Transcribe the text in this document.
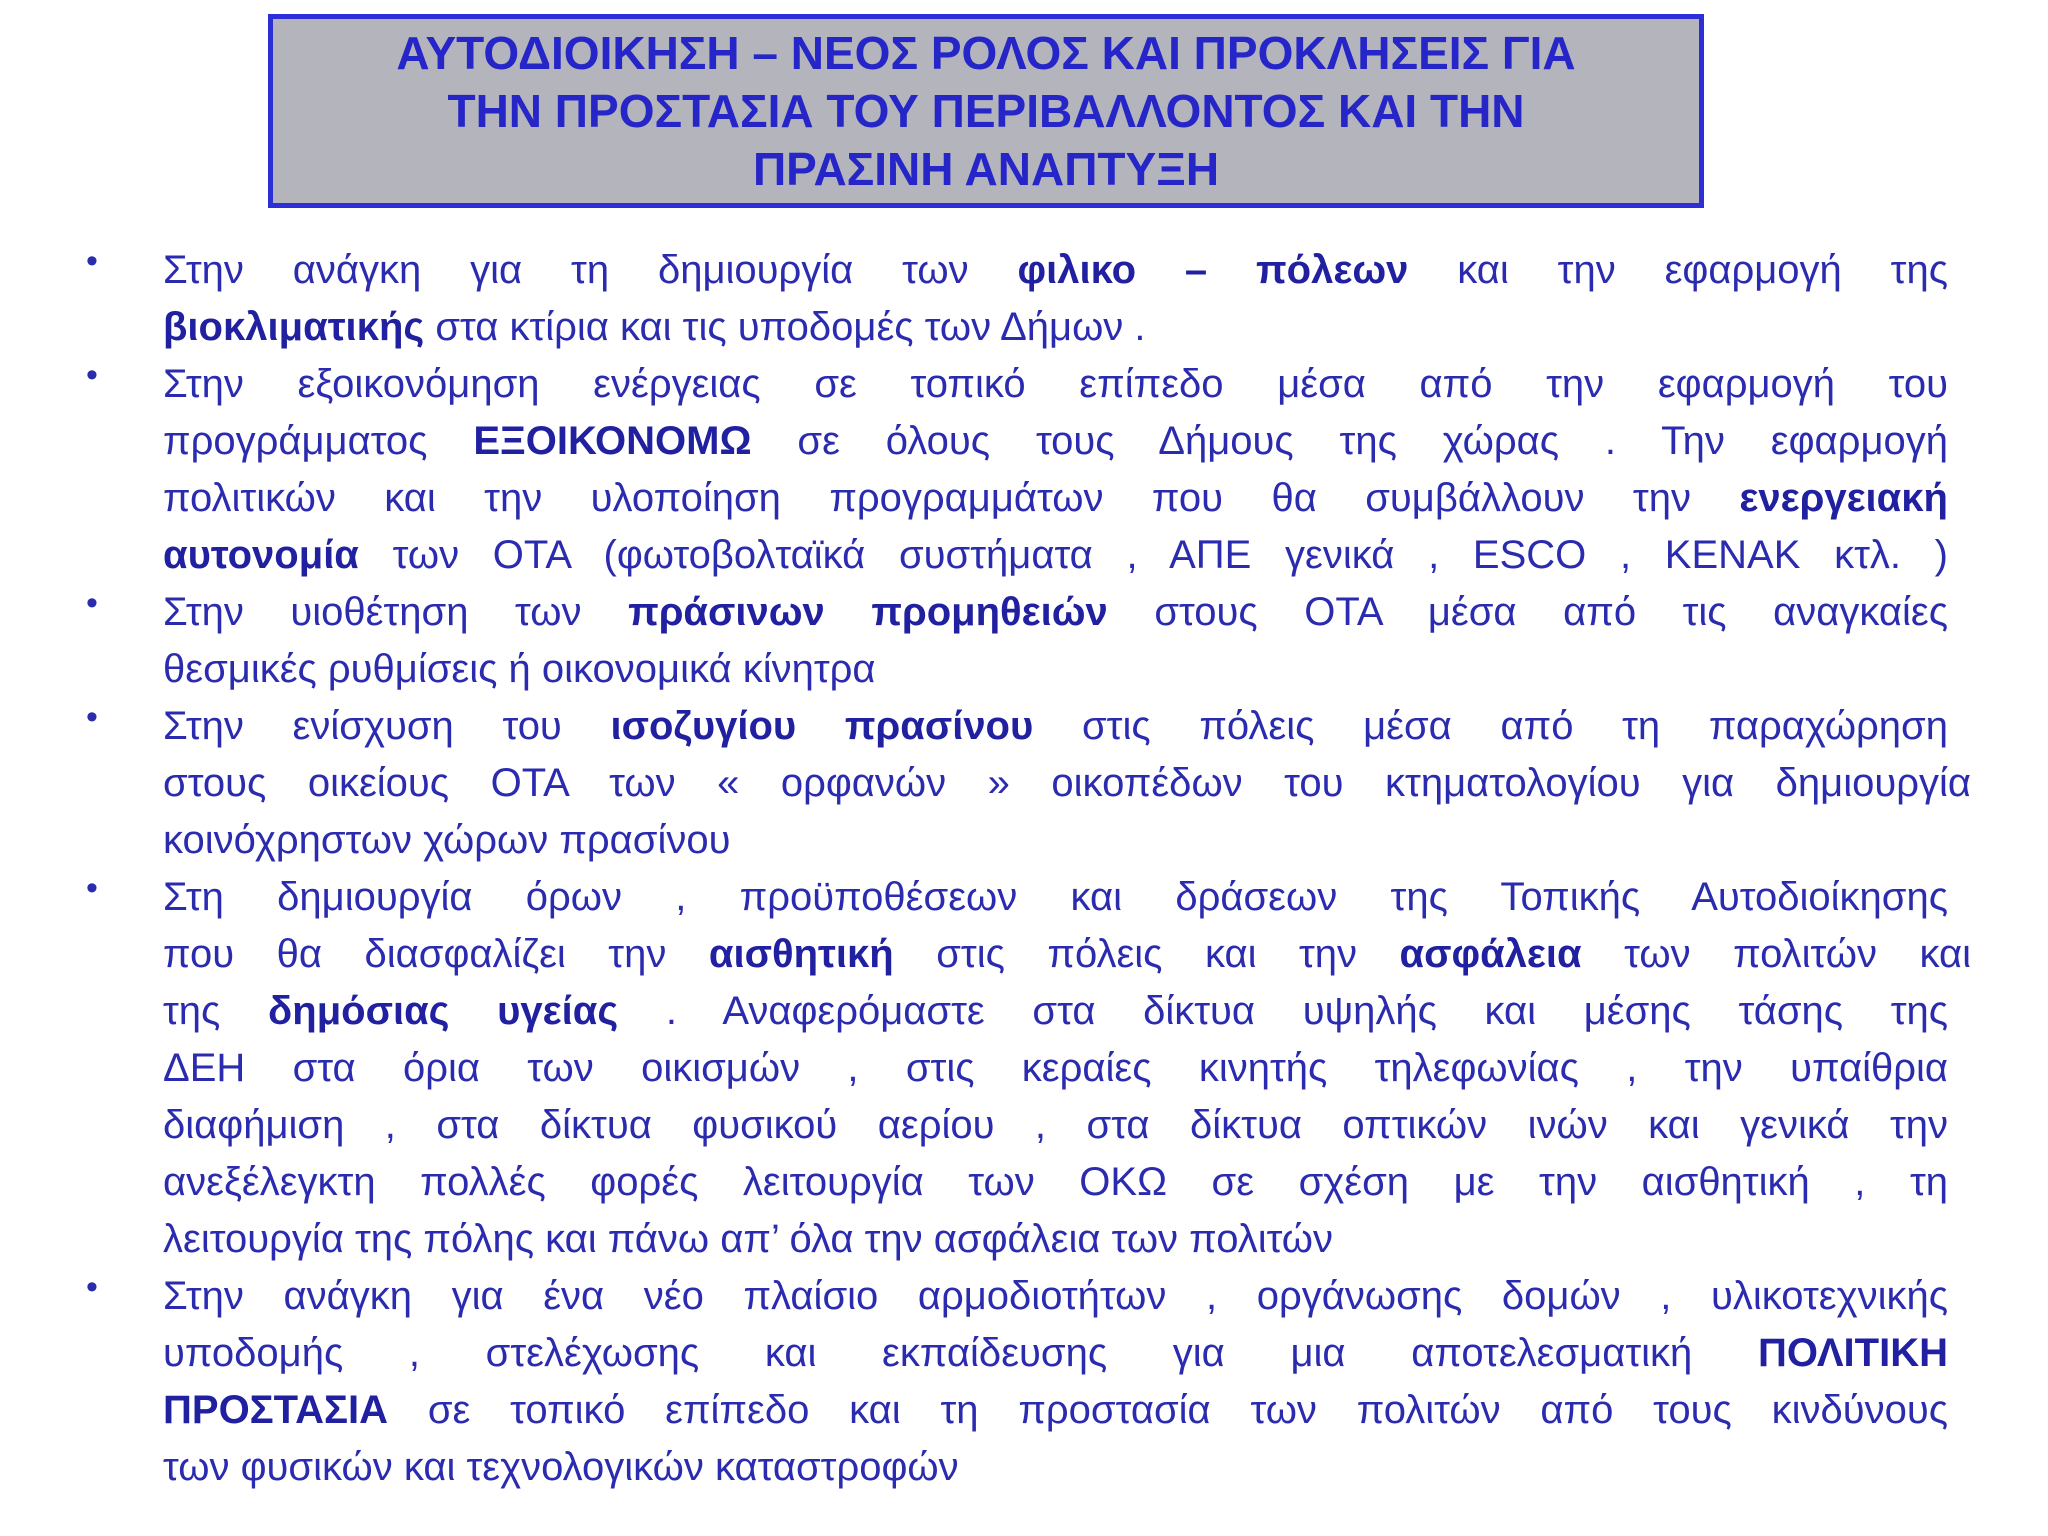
ΑΥΤΟΔΙΟΙΚΗΣΗ – ΝΕΟΣ ΡΟΛΟΣ ΚΑΙ ΠΡΟΚΛΗΣΕΙΣ ΓΙΑ
ΤΗΝ ΠΡΟΣΤΑΣΙΑ ΤΟΥ ΠΕΡΙΒΑΛΛΟΝΤΟΣ ΚΑΙ ΤΗΝ
ΠΡΑΣΙΝΗ ΑΝΑΠΤΥΞΗ
• Στην ανάγκη για τη δημιουργία των φιλικο – πόλεων και την εφαρμογή της
βιοκλιματικής στα κτίρια και τις υποδομές των Δήμων .
• Στην εξοικονόμηση ενέργειας σε τοπικό επίπεδο μέσα από την εφαρμογή του
προγράμματος ΕΞΟΙΚΟΝΟΜΩ σε όλους τους Δήμους της χώρας . Την εφαρμογή
πολιτικών και την υλοποίηση προγραμμάτων που θα συμβάλλουν την ενεργειακή
αυτονομία των ΟΤΑ (φωτοβολταϊκά συστήματα , ΑΠΕ γενικά , ESCO , KENAK κτλ. )
• Στην υιοθέτηση των πράσινων προμηθειών στους ΟΤΑ μέσα από τις αναγκαίες
θεσμικές ρυθμίσεις ή οικονομικά κίνητρα
• Στην ενίσχυση του ισοζυγίου πρασίνου στις πόλεις μέσα από τη παραχώρηση
στους οικείους ΟΤΑ των « ορφανών » οικοπέδων του κτηματολογίου για δημιουργία
κοινόχρηστων χώρων πρασίνου
• Στη δημιουργία όρων , προϋποθέσεων και δράσεων της Τοπικής Αυτοδιοίκησης
που θα διασφαλίζει την αισθητική στις πόλεις και την ασφάλεια των πολιτών και
της δημόσιας υγείας . Αναφερόμαστε στα δίκτυα υψηλής και μέσης τάσης της
ΔΕΗ στα όρια των οικισμών , στις κεραίες κινητής τηλεφωνίας , την υπαίθρια
διαφήμιση , στα δίκτυα φυσικού αερίου , στα δίκτυα οπτικών ινών και γενικά την
ανεξέλεγκτη πολλές φορές λειτουργία των ΟΚΩ σε σχέση με την αισθητική , τη
λειτουργία της πόλης και πάνω απ’ όλα την ασφάλεια των πολιτών
• Στην ανάγκη για ένα νέο πλαίσιο αρμοδιοτήτων , οργάνωσης δομών , υλικοτεχνικής
υποδομής , στελέχωσης και εκπαίδευσης για μια αποτελεσματική ΠΟΛΙΤΙΚΗ
ΠΡΟΣΤΑΣΙΑ σε τοπικό επίπεδο και τη προστασία των πολιτών από τους κινδύνους
των φυσικών και τεχνολογικών καταστροφών
